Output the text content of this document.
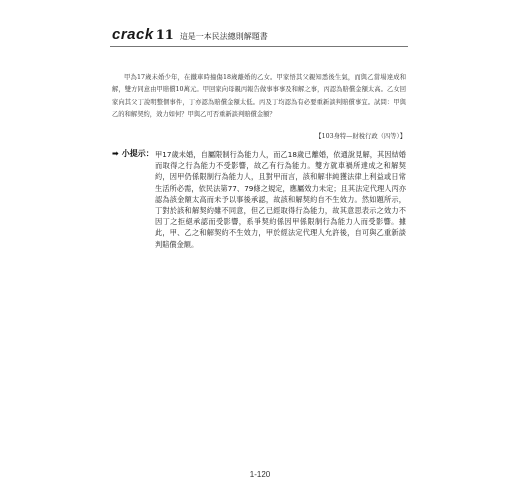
crack 11 這是一本民法總則解題書

甲為17歲未婚少年，在鐵車時撞傷18歲離婚的乙女。甲家悟其父親知悉後生氣，而與乙當場達成和解，雙方同意由甲賠償10萬元。甲回家向母親丙報告做事事事及和解之事，丙認為賠償金額太高。乙女回家向其父丁說明整個事件，丁亦認為賠償金額太低。丙及丁均認為有必要重新談判賠償事宜。試問：甲與乙的和解契約，效力如何？甲與乙可否重新談判賠償金額？

【103身特—財稅行政（四等）】
➡ 小提示： 甲17歲未婚，自屬限制行為能力人，而乙18歲已離婚，依通說見解，其因結婚而取得之行為能力不受影響，故乙有行為能力。雙方就車禍所達成之和解契約，因甲仍係限制行為能力人，且對甲而言，該和解非純獲法律上利益或日常生活所必需，依民法第77、79條之規定，應屬效力未定；且其法定代理人丙亦認為該金額太高而未予以事後承認，故該和解契約自不生效力。然如題所示，丁對於該和解契約雖不同意，但乙已經取得行為能力，故其意思表示之效力不因丁之拒絕承認而受影響，系爭契約係因甲係限制行為能力人而受影響。據此，甲、乙之和解契約不生效力，甲於經法定代理人允許後，自可與乙重新談判賠償金額。

1-120
